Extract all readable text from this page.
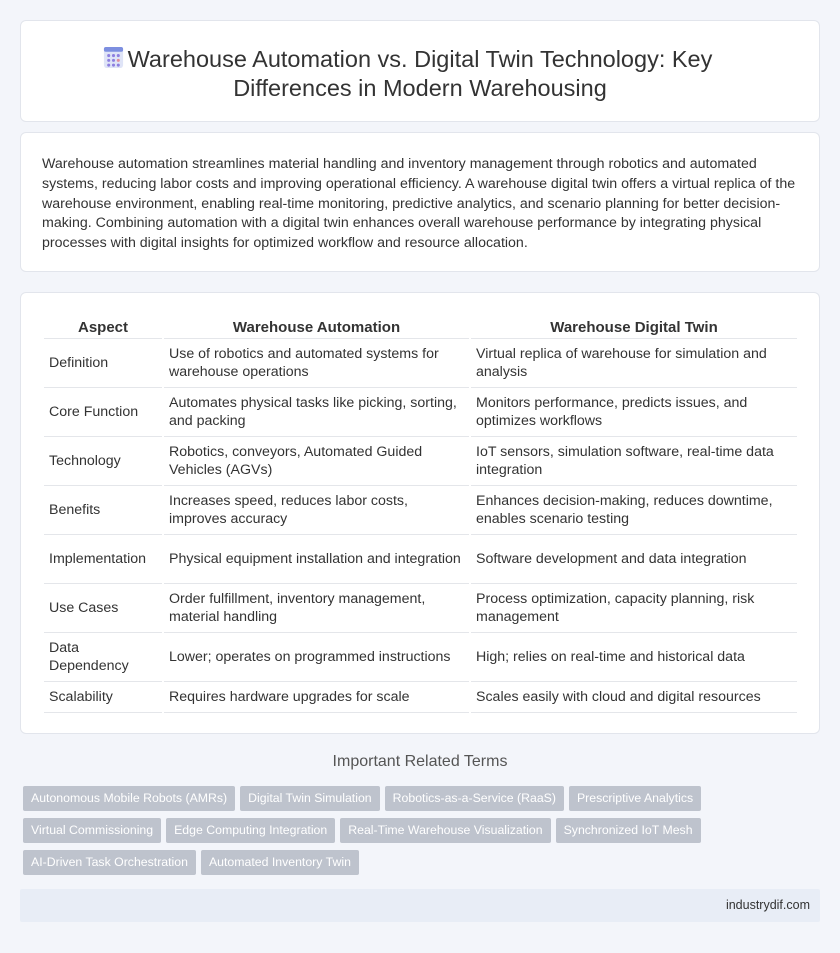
Warehouse Automation vs. Digital Twin Technology: Key
Differences in Modern Warehousing

Warehouse automation streamlines material handling and inventory management through robotics and automated systems, reducing labor costs and improving operational efficiency. A warehouse digital twin offers a virtual replica of the warehouse environment, enabling real-time monitoring, predictive analytics, and scenario planning for better decision-making. Combining automation with a digital twin enhances overall warehouse performance by integrating physical processes with digital insights for optimized workflow and resource allocation.

Aspect	Warehouse Automation	Warehouse Digital Twin
Definition	Use of robotics and automated systems for warehouse operations	Virtual replica of warehouse for simulation and analysis
Core Function	Automates physical tasks like picking, sorting, and packing	Monitors performance, predicts issues, and optimizes workflows
Technology	Robotics, conveyors, Automated Guided Vehicles (AGVs)	IoT sensors, simulation software, real-time data integration
Benefits	Increases speed, reduces labor costs, improves accuracy	Enhances decision-making, reduces downtime, enables scenario testing
Implementation	Physical equipment installation and integration	Software development and data integration
Use Cases	Order fulfillment, inventory management, material handling	Process optimization, capacity planning, risk management
Data Dependency	Lower; operates on programmed instructions	High; relies on real-time and historical data
Scalability	Requires hardware upgrades for scale	Scales easily with cloud and digital resources
Important Related Terms
Autonomous Mobile Robots (AMRs) Digital Twin Simulation Robotics-as-a-Service (RaaS) Prescriptive Analytics
Virtual Commissioning Edge Computing Integration Real-Time Warehouse Visualization Synchronized IoT Mesh
AI-Driven Task Orchestration Automated Inventory Twin
industrydif.com
